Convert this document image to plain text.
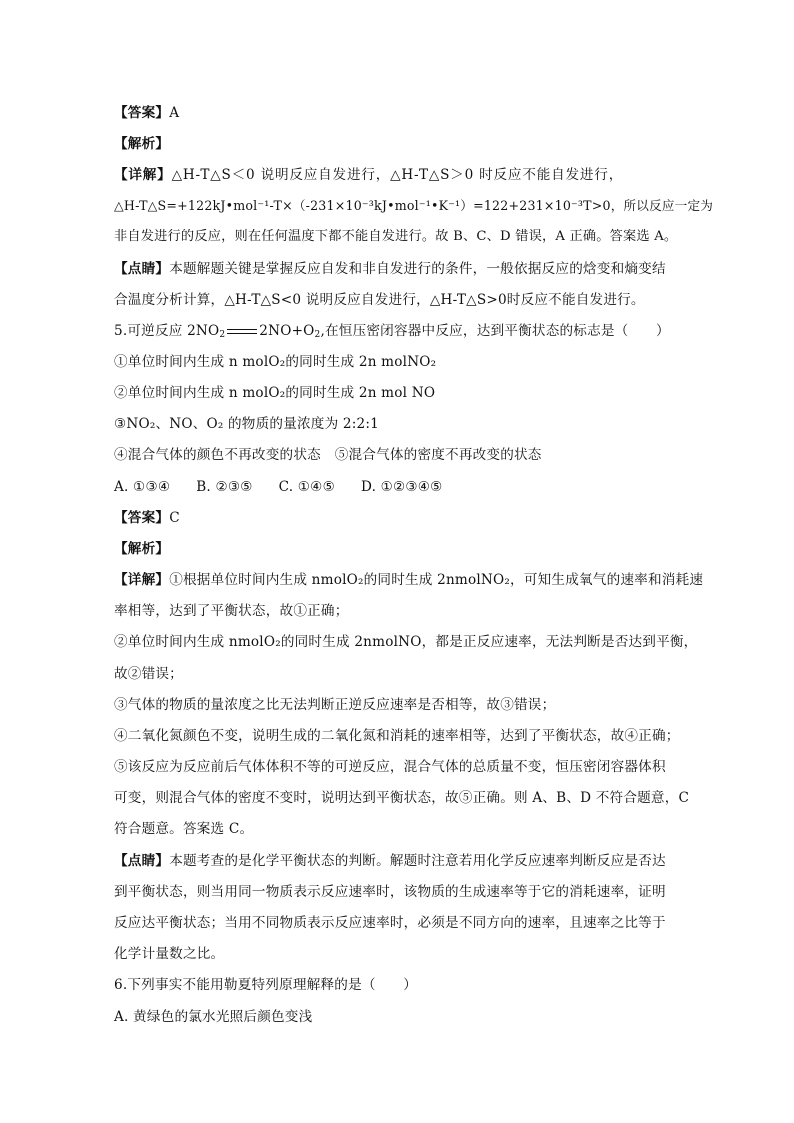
【答案】A
【解析】
【详解】△H-T△S＜0 说明反应自发进行，△H-T△S＞0 时反应不能自发进行，
△H-T△S=+122kJ•mol⁻¹-T×（-231×10⁻³kJ•mol⁻¹•K⁻¹）=122+231×10⁻³T>0，所以反应一定为
非自发进行的反应，则在任何温度下都不能自发进行。故 B、C、D 错误，A 正确。答案选 A。
【点睛】本题解题关键是掌握反应自发和非自发进行的条件，一般依据反应的焓变和熵变结
合温度分析计算，△H-T△S<0 说明反应自发进行，△H-T△S>0时反应不能自发进行。
5.可逆反应 $2NO_2$	$2NO+O_2$,在恒压密闭容器中反应，达到平衡状态的标志是（　　）
①单位时间内生成 n molO₂的同时生成 2n molNO₂
②单位时间内生成 n molO₂的同时生成 2n mol NO
③NO₂、NO、O₂ 的物质的量浓度为 2:2:1
④混合气体的颜色不再改变的状态　⑤混合气体的密度不再改变的状态
A. ①③④ B. ②③⑤ C. ①④⑤ D. ①②③④⑤
【答案】C
【解析】
【详解】①根据单位时间内生成 nmolO₂的同时生成 2nmolNO₂，可知生成氧气的速率和消耗速
率相等，达到了平衡状态，故①正确；
②单位时间内生成 nmolO₂的同时生成 2nmolNO，都是正反应速率，无法判断是否达到平衡，
故②错误；
③气体的物质的量浓度之比无法判断正逆反应速率是否相等，故③错误；
④二氧化氮颜色不变，说明生成的二氧化氮和消耗的速率相等，达到了平衡状态，故④正确；
⑤该反应为反应前后气体体积不等的可逆反应，混合气体的总质量不变，恒压密闭容器体积
可变，则混合气体的密度不变时，说明达到平衡状态，故⑤正确。则 A、B、D 不符合题意，C
符合题意。答案选 C。
【点睛】本题考查的是化学平衡状态的判断。解题时注意若用化学反应速率判断反应是否达
到平衡状态，则当用同一物质表示反应速率时，该物质的生成速率等于它的消耗速率，证明
反应达平衡状态；当用不同物质表示反应速率时，必须是不同方向的速率，且速率之比等于
化学计量数之比。
6.下列事实不能用勒夏特列原理解释的是（　　）
A. 黄绿色的氯水光照后颜色变浅
